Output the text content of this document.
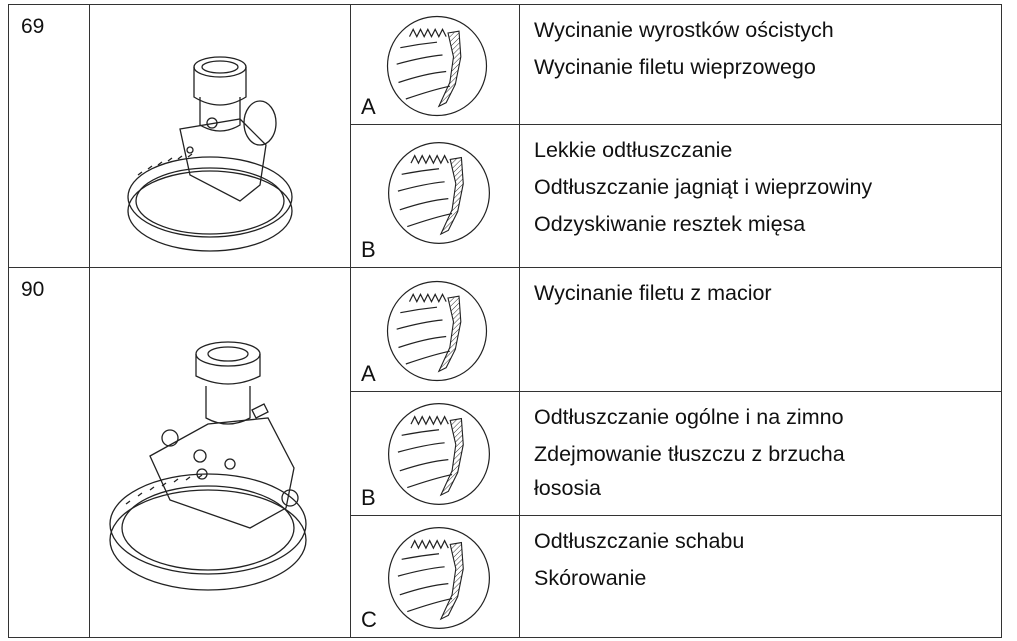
69		A	Wycinanie wyrostków ościstych
Wycinanie filetu wieprzowego

		B	Lekkie odtłuszczanie
Odtłuszczanie jagniąt i wieprzowiny
Odzyskiwanie resztek mięsa

90		A	Wycinanie filetu z macior

		B	Odtłuszczanie ogólne i na zimno
Zdejmowanie tłuszczu z brzucha
łososia

		C	Odtłuszczanie schabu
Skórowanie
